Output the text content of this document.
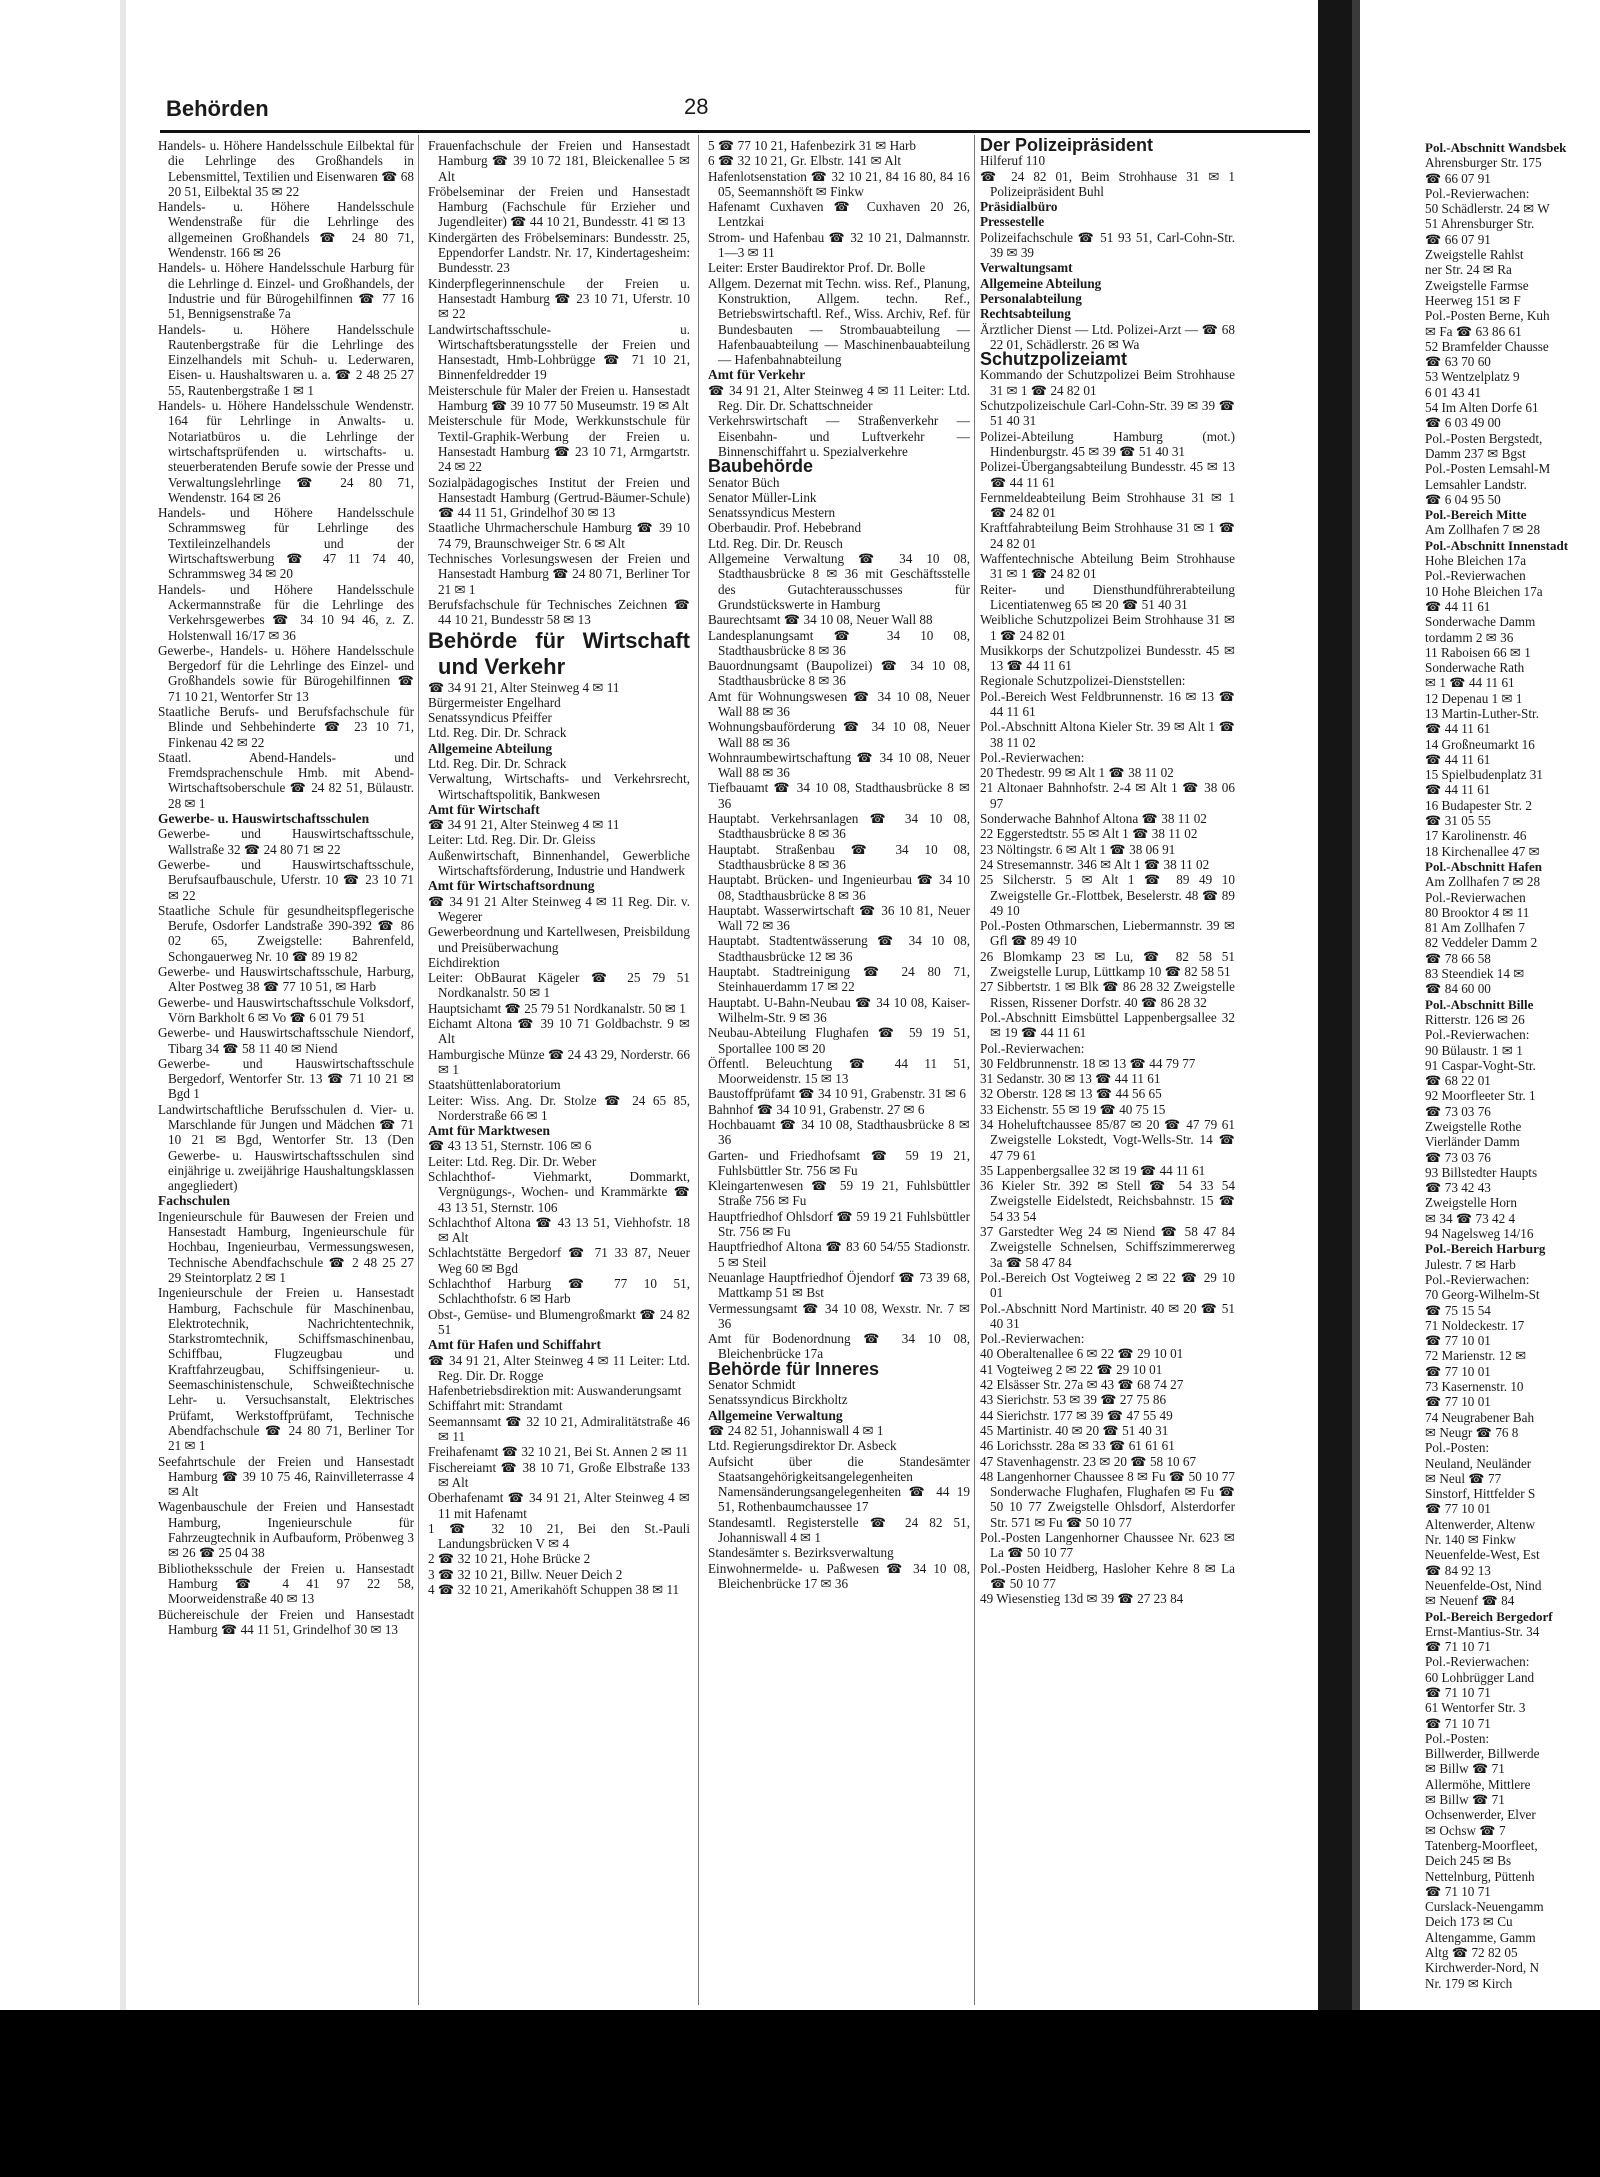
Behörden	28

Handels- u. Höhere Handelsschule Eilbektal für die Lehrlinge des Großhandels in Lebensmittel, Textilien und Eisenwaren ☎ 68 20 51, Eilbektal 35 ✉ 22

Handels- u. Höhere Handelsschule Wendenstraße für die Lehrlinge des allgemeinen Großhandels ☎ 24 80 71, Wendenstr. 166 ✉ 26

Handels- u. Höhere Handelsschule Harburg für die Lehrlinge d. Einzel- und Großhandels, der Industrie und für Bürogehilfinnen ☎ 77 16 51, Bennigsenstraße 7a

Handels- u. Höhere Handelsschule Rautenbergstraße für die Lehrlinge des Einzelhandels mit Schuh- u. Lederwaren, Eisen- u. Haushaltswaren u. a. ☎ 2 48 25 27 55, Rautenbergstraße 1 ✉ 1

Handels- u. Höhere Handelsschule Wendenstr. 164 für Lehrlinge in Anwalts- u. Notariatbüros u. die Lehrlinge der wirtschaftsprüfenden u. wirtschafts- u. steuerberatenden Berufe sowie der Presse und Verwaltungslehrlinge ☎ 24 80 71, Wendenstr. 164 ✉ 26

Handels- und Höhere Handelsschule Schrammsweg für Lehrlinge des Textileinzelhandels und der Wirtschaftswerbung ☎ 47 11 74 40, Schrammsweg 34 ✉ 20

Handels- und Höhere Handelsschule Ackermannstraße für die Lehrlinge des Verkehrsgewerbes ☎ 34 10 94 46, z. Z. Holstenwall 16/17 ✉ 36

Gewerbe-, Handels- u. Höhere Handelsschule Bergedorf für die Lehrlinge des Einzel- und Großhandels sowie für Bürogehilfinnen ☎ 71 10 21, Wentorfer Str 13

Staatliche Berufs- und Berufsfachschule für Blinde und Sehbehinderte ☎ 23 10 71, Finkenau 42 ✉ 22

Staatl. Abend-Handels- und Fremdsprachenschule Hmb. mit Abend-Wirtschaftsoberschule ☎ 24 82 51, Bülaustr. 28 ✉ 1

Gewerbe- u. Hauswirtschaftsschulen

Gewerbe- und Hauswirtschaftsschule, Wallstraße 32 ☎ 24 80 71 ✉ 22

Gewerbe- und Hauswirtschaftsschule, Berufsaufbauschule, Uferstr. 10 ☎ 23 10 71 ✉ 22

Staatliche Schule für gesundheitspflegerische Berufe, Osdorfer Landstraße 390-392 ☎ 86 02 65, Zweigstelle: Bahrenfeld, Schongauerweg Nr. 10 ☎ 89 19 82

Gewerbe- und Hauswirtschaftsschule, Harburg, Alter Postweg 38 ☎ 77 10 51, ✉ Harb

Gewerbe- und Hauswirtschaftsschule Volksdorf, Vörn Barkholt 6 ✉ Vo ☎ 6 01 79 51

Gewerbe- und Hauswirtschaftsschule Niendorf, Tibarg 34 ☎ 58 11 40 ✉ Niend

Gewerbe- und Hauswirtschaftsschule Bergedorf, Wentorfer Str. 13 ☎ 71 10 21 ✉ Bgd 1

Landwirtschaftliche Berufsschulen d. Vier- u. Marschlande für Jungen und Mädchen ☎ 71 10 21 ✉ Bgd, Wentorfer Str. 13 (Den Gewerbe- u. Hauswirtschaftsschulen sind einjährige u. zweijährige Haushaltungsklassen angegliedert)

Fachschulen

Ingenieurschule für Bauwesen der Freien und Hansestadt Hamburg, Ingenieurschule für Hochbau, Ingenieurbau, Vermessungswesen, Technische Abendfachschule ☎ 2 48 25 27 29 Steintorplatz 2 ✉ 1

Ingenieurschule der Freien u. Hansestadt Hamburg, Fachschule für Maschinenbau, Elektrotechnik, Nachrichtentechnik, Starkstromtechnik, Schiffsmaschinenbau, Schiffbau, Flugzeugbau und Kraftfahrzeugbau, Schiffsingenieur- u. Seemaschinistenschule, Schweißtechnische Lehr- u. Versuchsanstalt, Elektrisches Prüfamt, Werkstoffprüfamt, Technische Abendfachschule ☎ 24 80 71, Berliner Tor 21 ✉ 1

Seefahrtschule der Freien und Hansestadt Hamburg ☎ 39 10 75 46, Rainvilleterrasse 4 ✉ Alt

Wagenbauschule der Freien und Hansestadt Hamburg, Ingenieurschule für Fahrzeugtechnik in Aufbauform, Pröbenweg 3 ✉ 26 ☎ 25 04 38

Bibliotheksschule der Freien u. Hansestadt Hamburg ☎ 4 41 97 22 58, Moorweidenstraße 40 ✉ 13

Büchereischule der Freien und Hansestadt Hamburg ☎ 44 11 51, Grindelhof 30 ✉ 13

Frauenfachschule der Freien und Hansestadt Hamburg ☎ 39 10 72 181, Bleickenallee 5 ✉ Alt

Fröbelseminar der Freien und Hansestadt Hamburg (Fachschule für Erzieher und Jugendleiter) ☎ 44 10 21, Bundesstr. 41 ✉ 13

Kindergärten des Fröbelseminars: Bundesstr. 25, Eppendorfer Landstr. Nr. 17, Kindertagesheim: Bundesstr. 23

Kinderpflegerinnenschule der Freien u. Hansestadt Hamburg ☎ 23 10 71, Uferstr. 10 ✉ 22

Landwirtschaftsschule- u. Wirtschaftsberatungsstelle der Freien und Hansestadt, Hmb-Lohbrügge ☎ 71 10 21, Binnenfeldredder 19

Meisterschule für Maler der Freien u. Hansestadt Hamburg ☎ 39 10 77 50 Museumstr. 19 ✉ Alt

Meisterschule für Mode, Werkkunstschule für Textil-Graphik-Werbung der Freien u. Hansestadt Hamburg ☎ 23 10 71, Armgartstr. 24 ✉ 22

Sozialpädagogisches Institut der Freien und Hansestadt Hamburg (Gertrud-Bäumer-Schule) ☎ 44 11 51, Grindelhof 30 ✉ 13

Staatliche Uhrmacherschule Hamburg ☎ 39 10 74 79, Braunschweiger Str. 6 ✉ Alt

Technisches Vorlesungswesen der Freien und Hansestadt Hamburg ☎ 24 80 71, Berliner Tor 21 ✉ 1

Berufsfachschule für Technisches Zeichnen ☎ 44 10 21, Bundesstr 58 ✉ 13

Behörde für Wirtschaft und Verkehr

☎ 34 91 21, Alter Steinweg 4 ✉ 11

Bürgermeister Engelhard

Senatssyndicus Pfeiffer

Ltd. Reg. Dir. Dr. Schrack

Allgemeine Abteilung

Ltd. Reg. Dir. Dr. Schrack

Verwaltung, Wirtschafts- und Verkehrsrecht, Wirtschaftspolitik, Bankwesen

Amt für Wirtschaft

☎ 34 91 21, Alter Steinweg 4 ✉ 11

Leiter: Ltd. Reg. Dir. Dr. Gleiss

Außenwirtschaft, Binnenhandel, Gewerbliche Wirtschaftsförderung, Industrie und Handwerk

Amt für Wirtschaftsordnung

☎ 34 91 21 Alter Steinweg 4 ✉ 11 Reg. Dir. v. Wegerer

Gewerbeordnung und Kartellwesen, Preisbildung und Preisüberwachung

Eichdirektion

Leiter: ObBaurat Kägeler ☎ 25 79 51 Nordkanalstr. 50 ✉ 1

Hauptsichamt ☎ 25 79 51 Nordkanalstr. 50 ✉ 1

Eichamt Altona ☎ 39 10 71 Goldbachstr. 9 ✉ Alt

Hamburgische Münze ☎ 24 43 29, Norderstr. 66 ✉ 1

Staatshüttenlaboratorium

Leiter: Wiss. Ang. Dr. Stolze ☎ 24 65 85, Norderstraße 66 ✉ 1

Amt für Marktwesen

☎ 43 13 51, Sternstr. 106 ✉ 6

Leiter: Ltd. Reg. Dir. Dr. Weber

Schlachthof- Viehmarkt, Dommarkt, Vergnügungs-, Wochen- und Krammärkte ☎ 43 13 51, Sternstr. 106

Schlachthof Altona ☎ 43 13 51, Viehhofstr. 18 ✉ Alt

Schlachtstätte Bergedorf ☎ 71 33 87, Neuer Weg 60 ✉ Bgd

Schlachthof Harburg ☎ 77 10 51, Schlachthofstr. 6 ✉ Harb

Obst-, Gemüse- und Blumengroßmarkt ☎ 24 82 51

Amt für Hafen und Schiffahrt

☎ 34 91 21, Alter Steinweg 4 ✉ 11 Leiter: Ltd. Reg. Dir. Dr. Rogge

Hafenbetriebsdirektion mit: Auswanderungsamt

Schiffahrt mit: Strandamt

Seemannsamt ☎ 32 10 21, Admiralitätstraße 46 ✉ 11

Freihafenamt ☎ 32 10 21, Bei St. Annen 2 ✉ 11

Fischereiamt ☎ 38 10 71, Große Elbstraße 133 ✉ Alt

Oberhafenamt ☎ 34 91 21, Alter Steinweg 4 ✉ 11 mit Hafenamt

1 ☎ 32 10 21, Bei den St.-Pauli Landungsbrücken V ✉ 4

2 ☎ 32 10 21, Hohe Brücke 2

3 ☎ 32 10 21, Billw. Neuer Deich 2

4 ☎ 32 10 21, Amerikahöft Schuppen 38 ✉ 11

5 ☎ 77 10 21, Hafenbezirk 31 ✉ Harb

6 ☎ 32 10 21, Gr. Elbstr. 141 ✉ Alt

Hafenlotsenstation ☎ 32 10 21, 84 16 80, 84 16 05, Seemannshöft ✉ Finkw

Hafenamt Cuxhaven ☎ Cuxhaven 20 26, Lentzkai

Strom- und Hafenbau ☎ 32 10 21, Dalmannstr. 1—3 ✉ 11

Leiter: Erster Baudirektor Prof. Dr. Bolle

Allgem. Dezernat mit Techn. wiss. Ref., Planung, Konstruktion, Allgem. techn. Ref., Betriebswirtschaftl. Ref., Wiss. Archiv, Ref. für Bundesbauten — Strombauabteilung — Hafenbauabteilung — Maschinenbauabteilung — Hafenbahnabteilung

Amt für Verkehr

☎ 34 91 21, Alter Steinweg 4 ✉ 11 Leiter: Ltd. Reg. Dir. Dr. Schattschneider

Verkehrswirtschaft — Straßenverkehr — Eisenbahn- und Luftverkehr — Binnenschiffahrt u. Spezialverkehre

Baubehörde

Senator Büch

Senator Müller-Link

Senatssyndicus Mestern

Oberbaudir. Prof. Hebebrand

Ltd. Reg. Dir. Dr. Reusch

Allgemeine Verwaltung ☎ 34 10 08, Stadthausbrücke 8 ✉ 36 mit Geschäftsstelle des Gutachterausschusses für Grundstückswerte in Hamburg

Baurechtsamt ☎ 34 10 08, Neuer Wall 88

Landesplanungsamt ☎ 34 10 08, Stadthausbrücke 8 ✉ 36

Bauordnungsamt (Baupolizei) ☎ 34 10 08, Stadthausbrücke 8 ✉ 36

Amt für Wohnungswesen ☎ 34 10 08, Neuer Wall 88 ✉ 36

Wohnungsbauförderung ☎ 34 10 08, Neuer Wall 88 ✉ 36

Wohnraumbewirtschaftung ☎ 34 10 08, Neuer Wall 88 ✉ 36

Tiefbauamt ☎ 34 10 08, Stadthausbrücke 8 ✉ 36

Hauptabt. Verkehrsanlagen ☎ 34 10 08, Stadthausbrücke 8 ✉ 36

Hauptabt. Straßenbau ☎ 34 10 08, Stadthausbrücke 8 ✉ 36

Hauptabt. Brücken- und Ingenieurbau ☎ 34 10 08, Stadthausbrücke 8 ✉ 36

Hauptabt. Wasserwirtschaft ☎ 36 10 81, Neuer Wall 72 ✉ 36

Hauptabt. Stadtentwässerung ☎ 34 10 08, Stadthausbrücke 12 ✉ 36

Hauptabt. Stadtreinigung ☎ 24 80 71, Steinhauerdamm 17 ✉ 22

Hauptabt. U-Bahn-Neubau ☎ 34 10 08, Kaiser-Wilhelm-Str. 9 ✉ 36

Neubau-Abteilung Flughafen ☎ 59 19 51, Sportallee 100 ✉ 20

Öffentl. Beleuchtung ☎ 44 11 51, Moorweidenstr. 15 ✉ 13

Baustoffprüfamt ☎ 34 10 91, Grabenstr. 31 ✉ 6

Bahnhof ☎ 34 10 91, Grabenstr. 27 ✉ 6

Hochbauamt ☎ 34 10 08, Stadthausbrücke 8 ✉ 36

Garten- und Friedhofsamt ☎ 59 19 21, Fuhlsbüttler Str. 756 ✉ Fu

Kleingartenwesen ☎ 59 19 21, Fuhlsbüttler Straße 756 ✉ Fu

Hauptfriedhof Ohlsdorf ☎ 59 19 21 Fuhlsbüttler Str. 756 ✉ Fu

Hauptfriedhof Altona ☎ 83 60 54/55 Stadionstr. 5 ✉ Steil

Neuanlage Hauptfriedhof Öjendorf ☎ 73 39 68, Mattkamp 51 ✉ Bst

Vermessungsamt ☎ 34 10 08, Wexstr. Nr. 7 ✉ 36

Amt für Bodenordnung ☎ 34 10 08, Bleichenbrücke 17a

Behörde für Inneres

Senator Schmidt

Senatssyndicus Birckholtz

Allgemeine Verwaltung

☎ 24 82 51, Johanniswall 4 ✉ 1

Ltd. Regierungsdirektor Dr. Asbeck

Aufsicht über die Standesämter Staatsangehörigkeitsangelegenheiten Namensänderungsangelegenheiten ☎ 44 19 51, Rothenbaumchaussee 17

Standesamtl. Registerstelle ☎ 24 82 51, Johanniswall 4 ✉ 1

Standesämter s. Bezirksverwaltung

Einwohnermelde- u. Paßwesen ☎ 34 10 08, Bleichenbrücke 17 ✉ 36

Der Polizeipräsident

Hilferuf 110

☎ 24 82 01, Beim Strohhause 31 ✉ 1 Polizeipräsident Buhl

Präsidialbüro

Pressestelle

Polizeifachschule ☎ 51 93 51, Carl-Cohn-Str. 39 ✉ 39

Verwaltungsamt

Allgemeine Abteilung

Personalabteilung

Rechtsabteilung

Ärztlicher Dienst — Ltd. Polizei-Arzt — ☎ 68 22 01, Schädlerstr. 26 ✉ Wa

Schutzpolizeiamt

Kommando der Schutzpolizei Beim Strohhause 31 ✉ 1 ☎ 24 82 01

Schutzpolizeischule Carl-Cohn-Str. 39 ✉ 39 ☎ 51 40 31

Polizei-Abteilung Hamburg (mot.) Hindenburgstr. 45 ✉ 39 ☎ 51 40 31

Polizei-Übergangsabteilung Bundesstr. 45 ✉ 13 ☎ 44 11 61

Fernmeldeabteilung Beim Strohhause 31 ✉ 1 ☎ 24 82 01

Kraftfahrabteilung Beim Strohhause 31 ✉ 1 ☎ 24 82 01

Waffentechnische Abteilung Beim Strohhause 31 ✉ 1 ☎ 24 82 01

Reiter- und Diensthundführerabteilung Licentiatenweg 65 ✉ 20 ☎ 51 40 31

Weibliche Schutzpolizei Beim Strohhause 31 ✉ 1 ☎ 24 82 01

Musikkorps der Schutzpolizei Bundesstr. 45 ✉ 13 ☎ 44 11 61

Regionale Schutzpolizei-Dienststellen:

Pol.-Bereich West Feldbrunnenstr. 16 ✉ 13 ☎ 44 11 61

Pol.-Abschnitt Altona Kieler Str. 39 ✉ Alt 1 ☎ 38 11 02

Pol.-Revierwachen:

20 Thedestr. 99 ✉ Alt 1 ☎ 38 11 02

21 Altonaer Bahnhofstr. 2-4 ✉ Alt 1 ☎ 38 06 97

Sonderwache Bahnhof Altona ☎ 38 11 02

22 Eggerstedtstr. 55 ✉ Alt 1 ☎ 38 11 02

23 Nöltingstr. 6 ✉ Alt 1 ☎ 38 06 91

24 Stresemannstr. 346 ✉ Alt 1 ☎ 38 11 02

25 Silcherstr. 5 ✉ Alt 1 ☎ 89 49 10 Zweigstelle Gr.-Flottbek, Beselerstr. 48 ☎ 89 49 10

Pol.-Posten Othmarschen, Liebermannstr. 39 ✉ Gfl ☎ 89 49 10

26 Blomkamp 23 ✉ Lu, ☎ 82 58 51 Zweigstelle Lurup, Lüttkamp 10 ☎ 82 58 51

27 Sibbertstr. 1 ✉ Blk ☎ 86 28 32 Zweigstelle Rissen, Rissener Dorfstr. 40 ☎ 86 28 32

Pol.-Abschnitt Eimsbüttel Lappenbergsallee 32 ✉ 19 ☎ 44 11 61

Pol.-Revierwachen:

30 Feldbrunnenstr. 18 ✉ 13 ☎ 44 79 77

31 Sedanstr. 30 ✉ 13 ☎ 44 11 61

32 Oberstr. 128 ✉ 13 ☎ 44 56 65

33 Eichenstr. 55 ✉ 19 ☎ 40 75 15

34 Hoheluftchaussee 85/87 ✉ 20 ☎ 47 79 61 Zweigstelle Lokstedt, Vogt-Wells-Str. 14 ☎ 47 79 61

35 Lappenbergsallee 32 ✉ 19 ☎ 44 11 61

36 Kieler Str. 392 ✉ Stell ☎ 54 33 54 Zweigstelle Eidelstedt, Reichsbahnstr. 15 ☎ 54 33 54

37 Garstedter Weg 24 ✉ Niend ☎ 58 47 84 Zweigstelle Schnelsen, Schiffszimmererweg 3a ☎ 58 47 84

Pol.-Bereich Ost Vogteiweg 2 ✉ 22 ☎ 29 10 01

Pol.-Abschnitt Nord Martinistr. 40 ✉ 20 ☎ 51 40 31

Pol.-Revierwachen:

40 Oberaltenallee 6 ✉ 22 ☎ 29 10 01

41 Vogteiweg 2 ✉ 22 ☎ 29 10 01

42 Elsässer Str. 27a ✉ 43 ☎ 68 74 27

43 Sierichstr. 53 ✉ 39 ☎ 27 75 86

44 Sierichstr. 177 ✉ 39 ☎ 47 55 49

45 Martinistr. 40 ✉ 20 ☎ 51 40 31

46 Lorichsstr. 28a ✉ 33 ☎ 61 61 61

47 Stavenhagenstr. 23 ✉ 20 ☎ 58 10 67

48 Langenhorner Chaussee 8 ✉ Fu ☎ 50 10 77 Sonderwache Flughafen, Flughafen ✉ Fu ☎ 50 10 77 Zweigstelle Ohlsdorf, Alsterdorfer Str. 571 ✉ Fu ☎ 50 10 77

Pol.-Posten Langenhorner Chaussee Nr. 623 ✉ La ☎ 50 10 77

Pol.-Posten Heidberg, Hasloher Kehre 8 ✉ La ☎ 50 10 77

49 Wiesenstieg 13d ✉ 39 ☎ 27 23 84

Pol.-Abschnitt Wandsbek

Ahrensburger Str. 175

☎ 66 07 91

Pol.-Revierwachen:

50 Schädlerstr. 24 ✉ W

51 Ahrensburger Str.

☎ 66 07 91

Zweigstelle Rahlst

ner Str. 24 ✉ Ra

Zweigstelle Farmse

Heerweg 151 ✉ F

Pol.-Posten Berne, Kuh

✉ Fa ☎ 63 86 61

52 Bramfelder Chausse

☎ 63 70 60

53 Wentzelplatz 9

6 01 43 41

54 Im Alten Dorfe 61

☎ 6 03 49 00

Pol.-Posten Bergstedt,

Damm 237 ✉ Bgst

Pol.-Posten Lemsahl-M

Lemsahler Landstr.

☎ 6 04 95 50

Pol.-Bereich Mitte

Am Zollhafen 7 ✉ 28

Pol.-Abschnitt Innenstadt

Hohe Bleichen 17a

Pol.-Revierwachen

10 Hohe Bleichen 17a

☎ 44 11 61

Sonderwache Damm

tordamm 2 ✉ 36

11 Raboisen 66 ✉ 1

Sonderwache Rath

✉ 1 ☎ 44 11 61

12 Depenau 1 ✉ 1

13 Martin-Luther-Str.

☎ 44 11 61

14 Großneumarkt 16

☎ 44 11 61

15 Spielbudenplatz 31

☎ 44 11 61

16 Budapester Str. 2

☎ 31 05 55

17 Karolinenstr. 46

18 Kirchenallee 47 ✉

Pol.-Abschnitt Hafen

Am Zollhafen 7 ✉ 28

Pol.-Revierwachen

80 Brooktor 4 ✉ 11

81 Am Zollhafen 7

82 Veddeler Damm 2

☎ 78 66 58

83 Steendiek 14 ✉

☎ 84 60 00

Pol.-Abschnitt Bille

Ritterstr. 126 ✉ 26

Pol.-Revierwachen:

90 Bülaustr. 1 ✉ 1

91 Caspar-Voght-Str.

☎ 68 22 01

92 Moorfleeter Str. 1

☎ 73 03 76

Zweigstelle Rothe

Vierländer Damm

☎ 73 03 76

93 Billstedter Haupts

☎ 73 42 43

Zweigstelle Horn

✉ 34 ☎ 73 42 4

94 Nagelsweg 14/16

Pol.-Bereich Harburg

Julestr. 7 ✉ Harb

Pol.-Revierwachen:

70 Georg-Wilhelm-St

☎ 75 15 54

71 Noldeckestr. 17

☎ 77 10 01

72 Marienstr. 12 ✉

☎ 77 10 01

73 Kasernenstr. 10

☎ 77 10 01

74 Neugrabener Bah

✉ Neugr ☎ 76 8

Pol.-Posten:

Neuland, Neuländer

✉ Neul ☎ 77

Sinstorf, Hittfelder S

☎ 77 10 01

Altenwerder, Altenw

Nr. 140 ✉ Finkw

Neuenfelde-West, Est

☎ 84 92 13

Neuenfelde-Ost, Nind

✉ Neuenf ☎ 84

Pol.-Bereich Bergedorf

Ernst-Mantius-Str. 34

☎ 71 10 71

Pol.-Revierwachen:

60 Lohbrügger Land

☎ 71 10 71

61 Wentorfer Str. 3

☎ 71 10 71

Pol.-Posten:

Billwerder, Billwerde

✉ Billw ☎ 71

Allermöhe, Mittlere

✉ Billw ☎ 71

Ochsenwerder, Elver

✉ Ochsw ☎ 7

Tatenberg-Moorfleet,

Deich 245 ✉ Bs

Nettelnburg, Püttenh

☎ 71 10 71

Curslack-Neuengamm

Deich 173 ✉ Cu

Altengamme, Gamm

Altg ☎ 72 82 05

Kirchwerder-Nord, N

Nr. 179 ✉ Kirch
